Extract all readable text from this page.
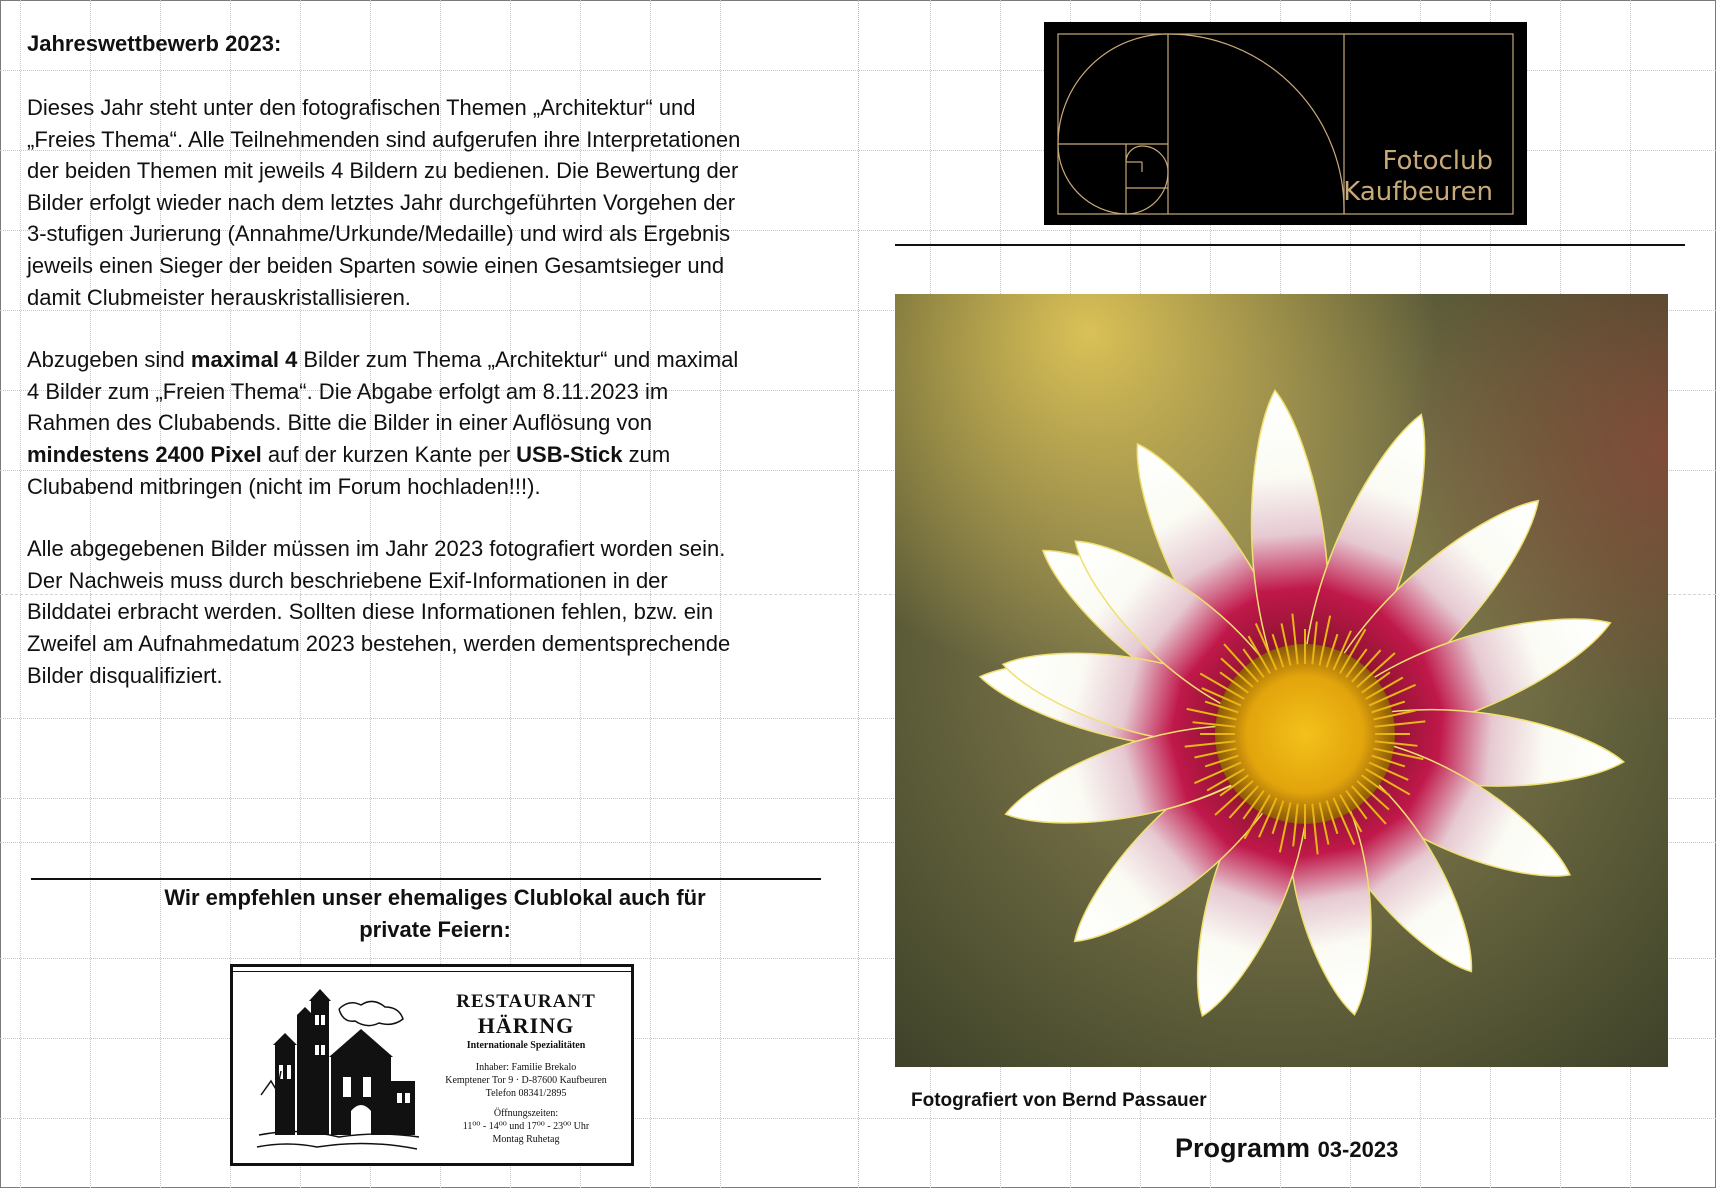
Jahreswettbewerb 2023:
Dieses Jahr steht unter den fotografischen Themen „Architektur“ und
„Freies Thema“. Alle Teilnehmenden sind aufgerufen ihre Interpretationen
der beiden Themen mit jeweils 4 Bildern zu bedienen. Die Bewertung der
Bilder erfolgt wieder nach dem letztes Jahr durchgeführten Vorgehen der
3-stufigen Jurierung (Annahme/Urkunde/Medaille) und wird als Ergebnis
jeweils einen Sieger der beiden Sparten sowie einen Gesamtsieger und
damit Clubmeister herauskristallisieren.
Abzugeben sind maximal 4 Bilder zum Thema „Architektur“ und maximal
4 Bilder zum „Freien Thema“. Die Abgabe erfolgt am 8.11.2023 im
Rahmen des Clubabends. Bitte die Bilder in einer Auflösung von
mindestens 2400 Pixel auf der kurzen Kante per USB-Stick zum
Clubabend mitbringen (nicht im Forum hochladen!!!).
Alle abgegebenen Bilder müssen im Jahr 2023 fotografiert worden sein.
Der Nachweis muss durch beschriebene Exif-Informationen in der
Bilddatei erbracht werden. Sollten diese Informationen fehlen, bzw. ein
Zweifel am Aufnahmedatum 2023 bestehen, werden dementsprechende
Bilder disqualifiziert.
Wir empfehlen unser ehemaliges Clublokal auch für
private Feiern:
RESTAURANT
HÄRING
Internationale Spezialitäten
Inhaber: Familie Brekalo
Kemptener Tor 9 · D-87600 Kaufbeuren
Telefon 08341/2895
Öffnungszeiten:
11⁰⁰ - 14⁰⁰ und 17⁰⁰ - 23⁰⁰ Uhr
Montag Ruhetag
Fotoclub
Kaufbeuren
Fotografiert von Bernd Passauer
Programm 03-2023
